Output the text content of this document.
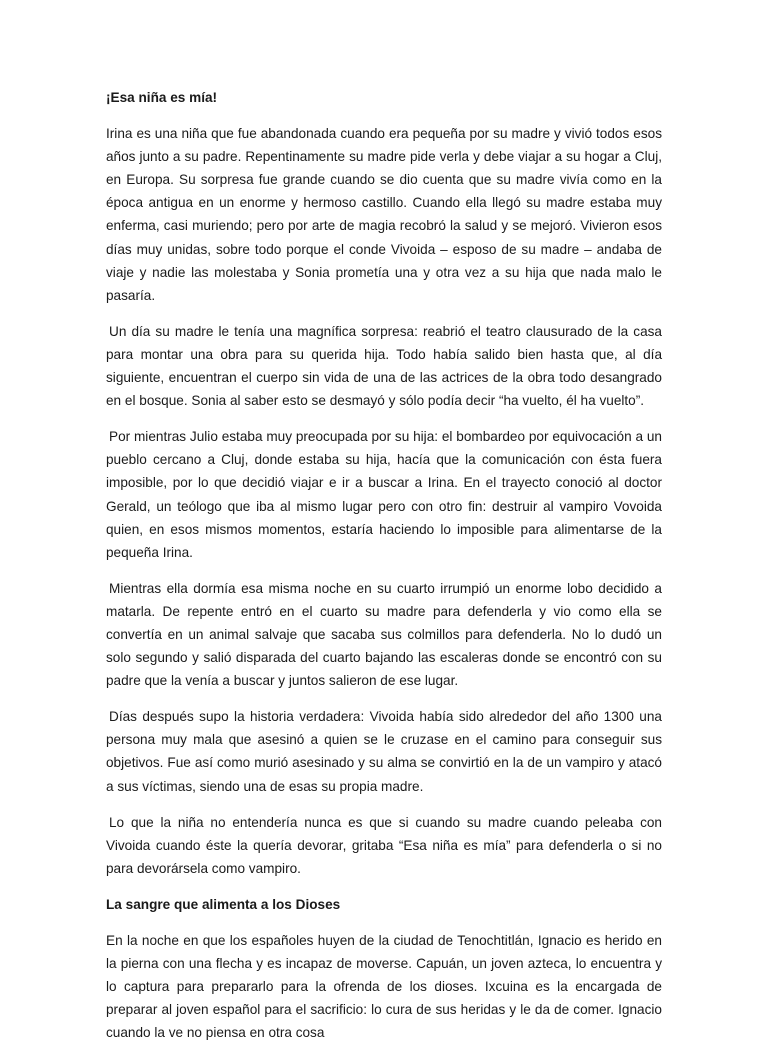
¡Esa niña es mía!

Irina es una niña que fue abandonada cuando era pequeña por su madre y vivió todos esos años junto a su padre. Repentinamente su madre pide verla y debe viajar a su hogar a Cluj, en Europa. Su sorpresa fue grande cuando se dio cuenta que su madre vivía como en la época antigua en un enorme y hermoso castillo. Cuando ella llegó su madre estaba muy enferma, casi muriendo; pero por arte de magia recobró la salud y se mejoró. Vivieron esos días muy unidas, sobre todo porque el conde Vivoida – esposo de su madre – andaba de viaje y nadie las molestaba y Sonia prometía una y otra vez a su hija que nada malo le pasaría.

Un día su madre le tenía una magnífica sorpresa: reabrió el teatro clausurado de la casa para montar una obra para su querida hija. Todo había salido bien hasta que, al día siguiente, encuentran el cuerpo sin vida de una de las actrices de la obra todo desangrado en el bosque. Sonia al saber esto se desmayó y sólo podía decir “ha vuelto, él ha vuelto”.

Por mientras Julio estaba muy preocupada por su hija: el bombardeo por equivocación a un pueblo cercano a Cluj, donde estaba su hija, hacía que la comunicación con ésta fuera imposible, por lo que decidió viajar e ir a buscar a Irina. En el trayecto conoció al doctor Gerald, un teólogo que iba al mismo lugar pero con otro fin: destruir al vampiro Vovoida quien, en esos mismos momentos, estaría haciendo lo imposible para alimentarse de la pequeña Irina.

Mientras ella dormía esa misma noche en su cuarto irrumpió un enorme lobo decidido a matarla. De repente entró en el cuarto su madre para defenderla y vio como ella se convertía en un animal salvaje que sacaba sus colmillos para defenderla. No lo dudó un solo segundo y salió disparada del cuarto bajando las escaleras donde se encontró con su padre que la venía a buscar y juntos salieron de ese lugar.

Días después supo la historia verdadera: Vivoida había sido alrededor del año 1300 una persona muy mala que asesinó a quien se le cruzase en el camino para conseguir sus objetivos. Fue así como murió asesinado y su alma se convirtió en la de un vampiro y atacó a sus víctimas, siendo una de esas su propia madre.

Lo que la niña no entendería nunca es que si cuando su madre cuando peleaba con Vivoida cuando éste la quería devorar, gritaba “Esa niña es mía” para defenderla o si no para devorársela como vampiro.

La sangre que alimenta a los Dioses

En la noche en que los españoles huyen de la ciudad de Tenochtitlán, Ignacio es herido en la pierna con una flecha y es incapaz de moverse. Capuán, un joven azteca, lo encuentra y lo captura para prepararlo para la ofrenda de los dioses. Ixcuina es la encargada de preparar al joven español para el sacrificio: lo cura de sus heridas y le da de comer. Ignacio cuando la ve no piensa en otra cosa
